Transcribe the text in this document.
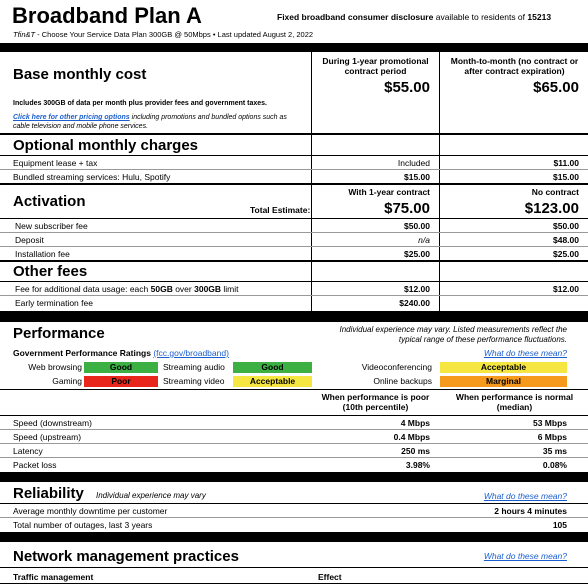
Broadband Plan A	Fixed broadband consumer disclosure available to residents of 15213
Tfin&T - Choose Your Service Data Plan 300GB @ 50Mbps • Last updated August 2, 2022
Base monthly cost
During 1-year promotional contract period
Month-to-month (no contract or after contract expiration)
$55.00	$65.00
Includes 300GB of data per month plus provider fees and government taxes.
Click here for other pricing options including promotions and bundled options such as cable television and mobile phone services.
Optional monthly charges
Equipment lease + tax	Included	$11.00
Bundled streaming services: Hulu, Spotify	$15.00	$15.00
With 1-year contract	No contract
Activation	Total Estimate:	$75.00	$123.00
New subscriber fee	$50.00	$50.00
Deposit	n/a	$48.00
Installation fee	$25.00	$25.00
Other fees
Fee for additional data usage: each 50GB over 300GB limit	$12.00	$12.00
Early termination fee	$240.00
Performance	Individual experience may vary. Listed measurements reflect the typical range of these performance fluctuations.
Government Performance Ratings (fcc.gov/broadband)	What do these mean?
Web browsing	Good	Streaming audio	Good	Videoconferencing	Acceptable
Gaming	Poor	Streaming video	Acceptable	Online backups	Marginal
When performance is poor (10th percentile)
When performance is normal (median)
Speed (downstream)	4 Mbps	53 Mbps
Speed (upstream)	0.4 Mbps	6 Mbps
Latency	250 ms	35 ms
Packet loss	3.98%	0.08%
Reliability Individual experience may vary	What do these mean?
Average monthly downtime per customer	2 hours 4 minutes
Total number of outages, last 3 years	105
Network management practices	What do these mean?
Traffic management	Effect
